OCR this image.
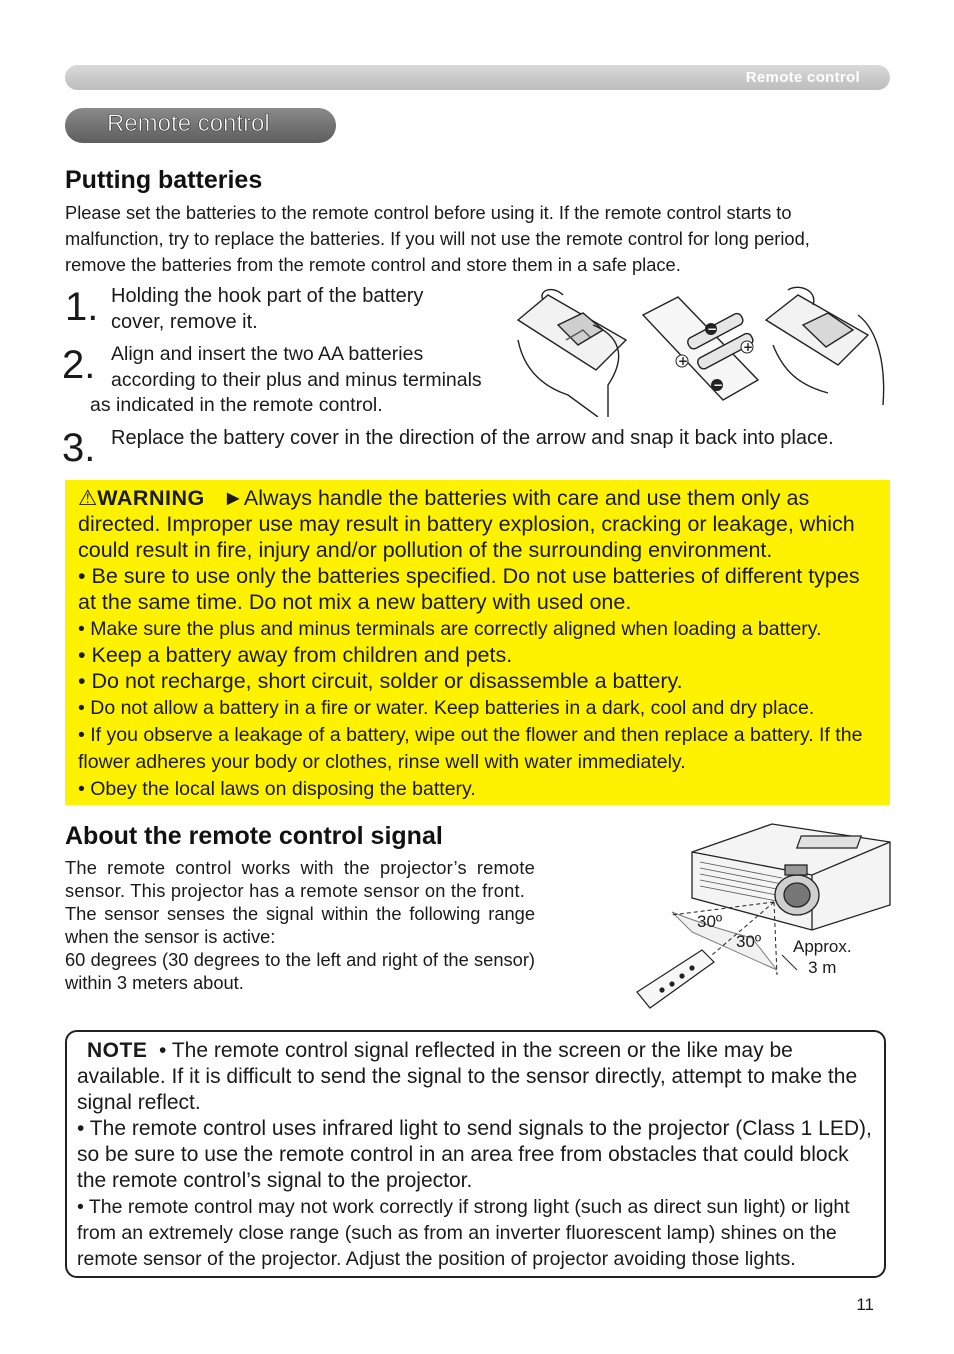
Remote control
Remote control
Putting batteries
Please set the batteries to the remote control before using it. If the remote control starts to malfunction, try to replace the batteries. If you will not use the remote control for long period, remove the batteries from the remote control and store them in a safe place.
1. Holding the hook part of the battery cover, remove it.
2. Align and insert the two AA batteries according to their plus and minus terminals
as indicated in the remote control.
3. Replace the battery cover in the direction of the arrow and snap it back into place.
−
+
+
−
⚠WARNING ►Always handle the batteries with care and use them only as directed. Improper use may result in battery explosion, cracking or leakage, which could result in fire, injury and/or pollution of the surrounding environment.
• Be sure to use only the batteries specified. Do not use batteries of different types at the same time. Do not mix a new battery with used one.
• Make sure the plus and minus terminals are correctly aligned when loading a battery.
• Keep a battery away from children and pets.
• Do not recharge, short circuit, solder or disassemble a battery.
• Do not allow a battery in a fire or water. Keep batteries in a dark, cool and dry place.
• If you observe a leakage of a battery, wipe out the flower and then replace a battery. If the flower adheres your body or clothes, rinse well with water immediately.
• Obey the local laws on disposing the battery.
About the remote control signal

The remote control works with the projector’s remote sensor. This projector has a remote sensor on the front.

The sensor senses the signal within the following range when the sensor is active:

60 degrees (30 degrees to the left and right of the sensor) within 3 meters about.

30º
30º Approx.
3 m
NOTE • The remote control signal reflected in the screen or the like may be available. If it is difficult to send the signal to the sensor directly, attempt to make the signal reflect.
• The remote control uses infrared light to send signals to the projector (Class 1 LED), so be sure to use the remote control in an area free from obstacles that could block the remote control’s signal to the projector.
• The remote control may not work correctly if strong light (such as direct sun light) or light from an extremely close range (such as from an inverter fluorescent lamp) shines on the remote sensor of the projector. Adjust the position of projector avoiding those lights.
11
